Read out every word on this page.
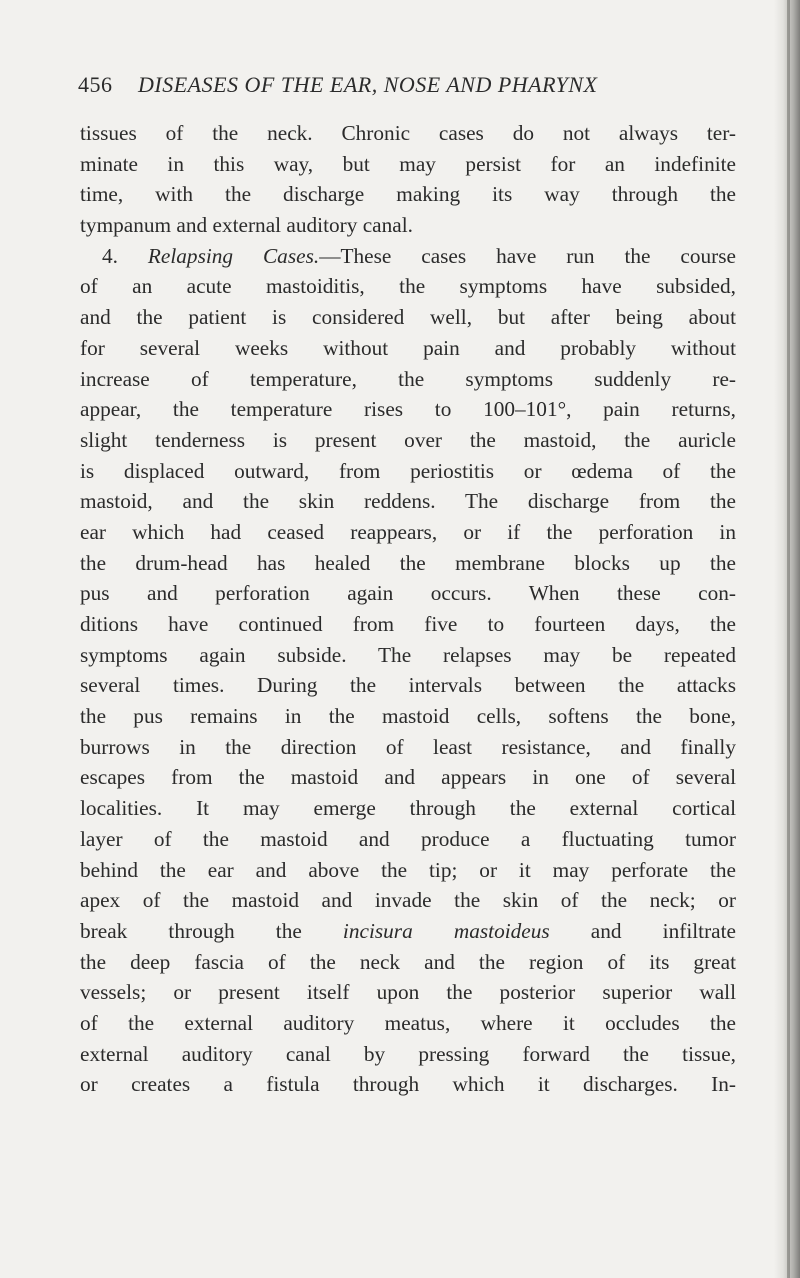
456 DISEASES OF THE EAR, NOSE AND PHARYNX
tissues of the neck. Chronic cases do not always ter-
minate in this way, but may persist for an indefinite
time, with the discharge making its way through the
tympanum and external auditory canal.
4. Relapsing Cases.—These cases have run the course
of an acute mastoiditis, the symptoms have subsided,
and the patient is considered well, but after being about
for several weeks without pain and probably without
increase of temperature, the symptoms suddenly re-
appear, the temperature rises to 100–101°, pain returns,
slight tenderness is present over the mastoid, the auricle
is displaced outward, from periostitis or œdema of the
mastoid, and the skin reddens. The discharge from the
ear which had ceased reappears, or if the perforation in
the drum-head has healed the membrane blocks up the
pus and perforation again occurs. When these con-
ditions have continued from five to fourteen days, the
symptoms again subside. The relapses may be repeated
several times. During the intervals between the attacks
the pus remains in the mastoid cells, softens the bone,
burrows in the direction of least resistance, and finally
escapes from the mastoid and appears in one of several
localities. It may emerge through the external cortical
layer of the mastoid and produce a fluctuating tumor
behind the ear and above the tip; or it may perforate the
apex of the mastoid and invade the skin of the neck; or
break through the incisura mastoideus and infiltrate
the deep fascia of the neck and the region of its great
vessels; or present itself upon the posterior superior wall
of the external auditory meatus, where it occludes the
external auditory canal by pressing forward the tissue,
or creates a fistula through which it discharges. In-
